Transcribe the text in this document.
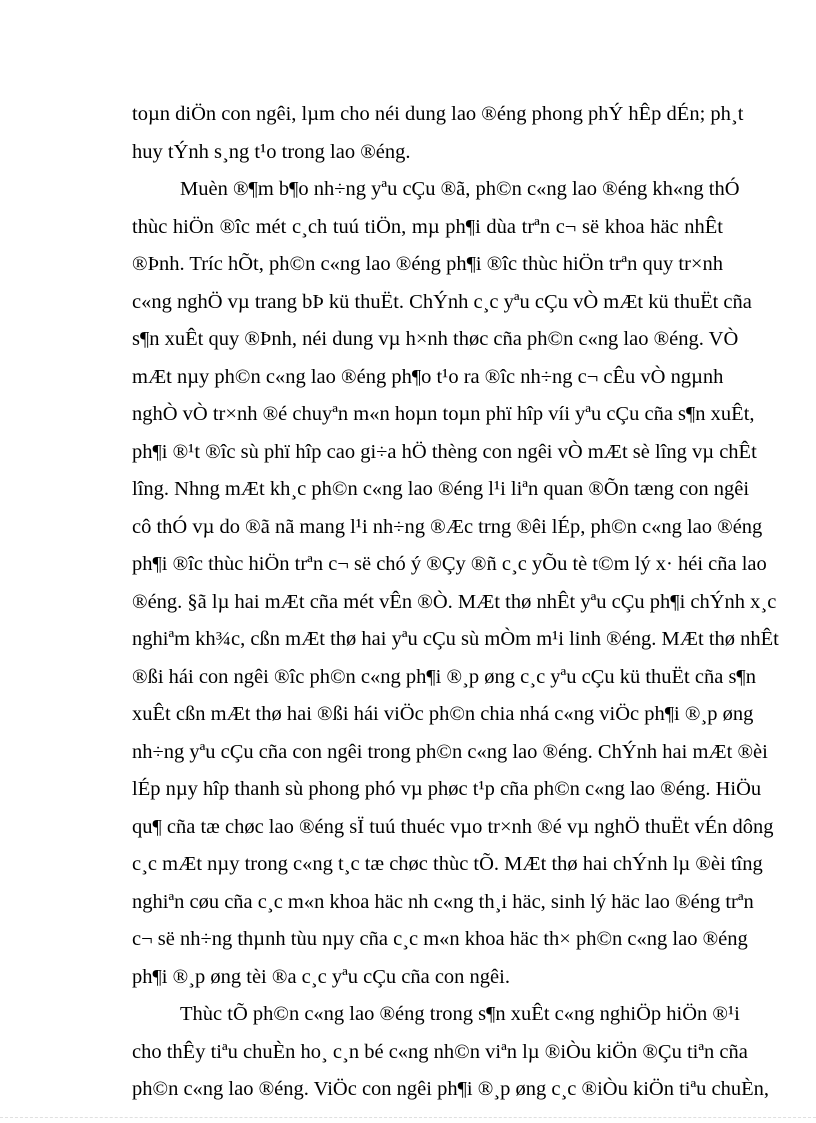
toµn diÖn con ngêi, lµm cho néi dung lao ®éng phong phÝ hÊp dÉn; ph¸t
huy tÝnh s¸ng t¹o trong lao ®éng.
Muèn ®¶m b¶o nh÷ng yªu cÇu ®ã, ph©n c«ng lao ®éng kh«ng thÓ
thùc hiÖn ®îc mét c¸ch tuú tiÖn, mµ ph¶i dùa trªn c¬ së khoa häc nhÊt
®Þnh. Tríc hÕt, ph©n c«ng lao ®éng ph¶i ®îc thùc hiÖn trªn quy tr×nh
c«ng nghÖ vµ trang bÞ kü thuËt. ChÝnh c¸c yªu cÇu vÒ mÆt kü thuËt cña
s¶n xuÊt quy ®Þnh, néi dung vµ h×nh thøc cña ph©n c«ng lao ®éng. VÒ
mÆt nµy ph©n c«ng lao ®éng ph¶o t¹o ra ®îc nh÷ng c¬ cÊu vÒ ngµnh
nghÒ vÒ tr×nh ®é chuyªn m«n hoµn toµn phï hîp víi yªu cÇu cña s¶n xuÊt,
ph¶i ®¹t ®îc sù phï hîp cao gi÷a hÖ thèng con ngêi vÒ mÆt sè lîng vµ chÊt
lîng. Nhng mÆt kh¸c ph©n c«ng lao ®éng l¹i liªn quan ®Õn tæng con ngêi
cô thÓ vµ do ®ã nã mang l¹i nh÷ng ®Æc trng ®êi lÉp, ph©n c«ng lao ®éng
ph¶i ®îc thùc hiÖn trªn c¬ së chó ý ®Çy ®ñ c¸c yÕu tè t©m lý x· héi cña lao
®éng. §ã lµ hai mÆt cña mét vÊn ®Ò. MÆt thø nhÊt yªu cÇu ph¶i chÝnh x¸c
nghiªm kh¾c, cßn mÆt thø hai yªu cÇu sù mÒm m¹i linh ®éng. MÆt thø nhÊt
®ßi hái con ngêi ®îc ph©n c«ng ph¶i ®¸p øng c¸c yªu cÇu kü thuËt cña s¶n
xuÊt cßn mÆt thø hai ®ßi hái viÖc ph©n chia nhá c«ng viÖc ph¶i ®¸p øng
nh÷ng yªu cÇu cña con ngêi trong ph©n c«ng lao ®éng. ChÝnh hai mÆt ®èi
lÉp nµy hîp thanh sù phong phó vµ phøc t¹p cña ph©n c«ng lao ®éng. HiÖu
qu¶ cña tæ chøc lao ®éng sÏ tuú thuéc vµo tr×nh ®é vµ nghÖ thuËt vÉn dông
c¸c mÆt nµy trong c«ng t¸c tæ chøc thùc tÕ. MÆt thø hai chÝnh lµ ®èi tîng
nghiªn cøu cña c¸c m«n khoa häc nh c«ng th¸i häc, sinh lý häc lao ®éng trªn
c¬ së nh÷ng thµnh tùu nµy cña c¸c m«n khoa häc th× ph©n c«ng lao ®éng
ph¶i ®¸p øng tèi ®a c¸c yªu cÇu cña con ngêi.
Thùc tÕ ph©n c«ng lao ®éng trong s¶n xuÊt c«ng nghiÖp hiÖn ®¹i
cho thÊy tiªu chuÈn ho¸ c¸n bé c«ng nh©n viªn lµ ®iÒu kiÖn ®Çu tiªn cña
ph©n c«ng lao ®éng. ViÖc con ngêi ph¶i ®¸p øng c¸c ®iÒu kiÖn tiªu chuÈn,
